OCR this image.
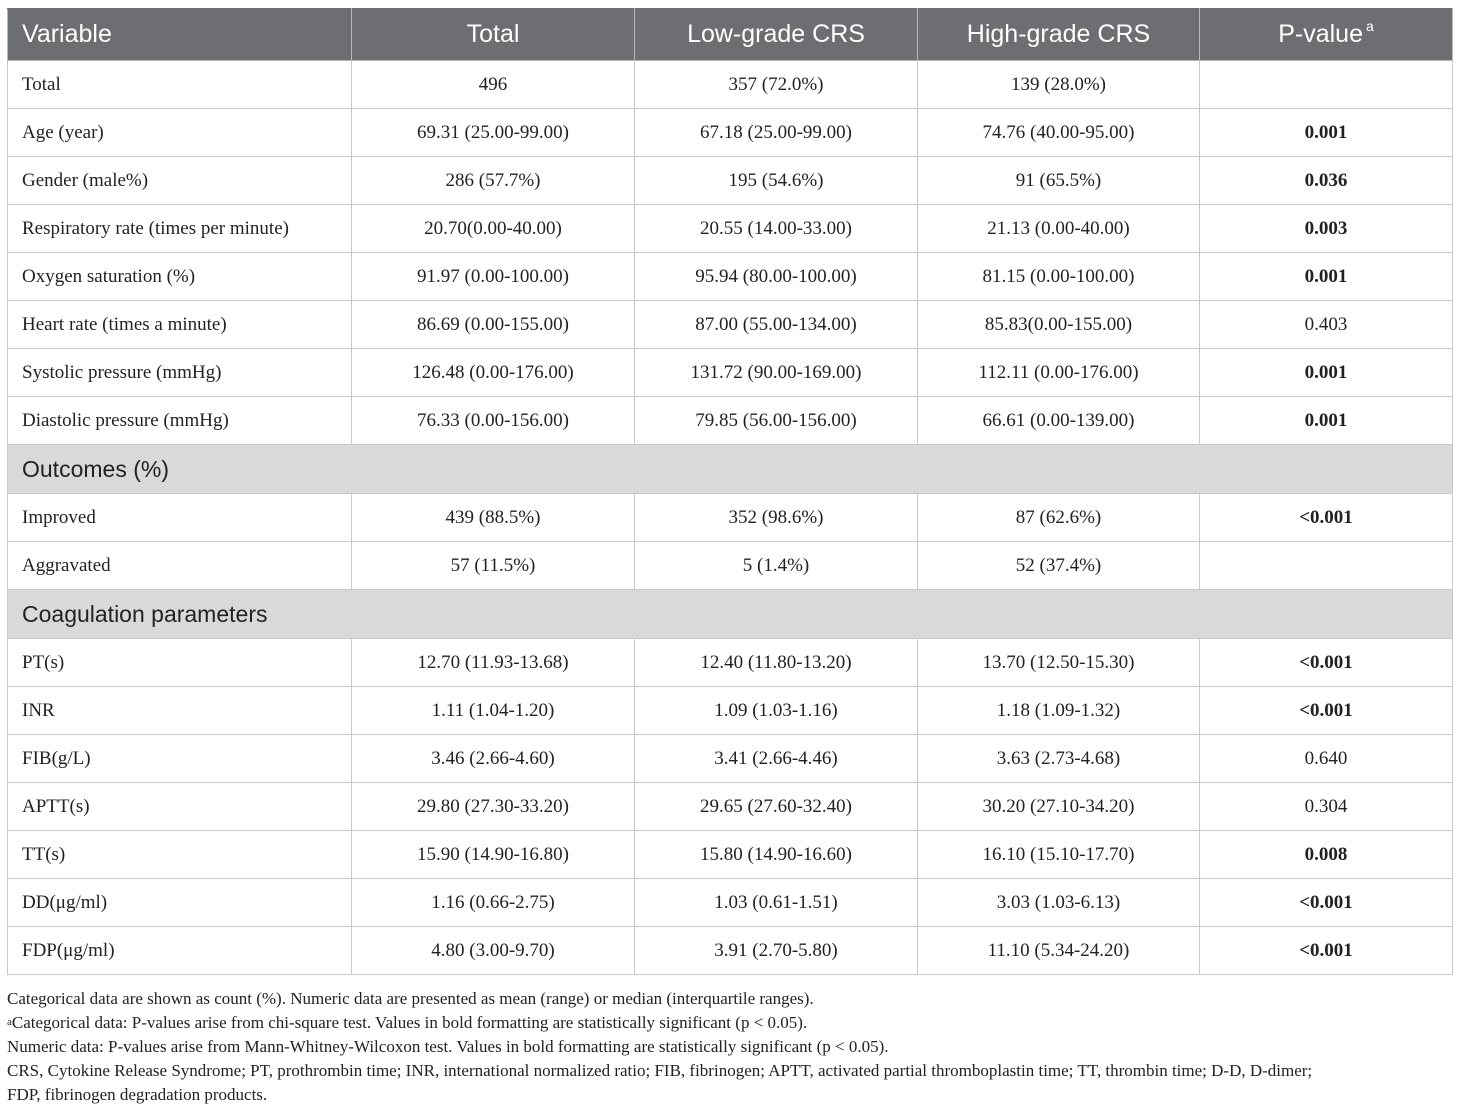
Variable	Total	Low-grade CRS	High-grade CRS	P-value $^a$
Total	496	357 (72.0%)	139 (28.0%)	
Age (year)	69.31 (25.00-99.00)	67.18 (25.00-99.00)	74.76 (40.00-95.00)	0.001
Gender (male%)	286 (57.7%)	195 (54.6%)	91 (65.5%)	0.036
Respiratory rate (times per minute)	20.70(0.00-40.00)	20.55 (14.00-33.00)	21.13 (0.00-40.00)	0.003
Oxygen saturation (%)	91.97 (0.00-100.00)	95.94 (80.00-100.00)	81.15 (0.00-100.00)	0.001
Heart rate (times a minute)	86.69 (0.00-155.00)	87.00 (55.00-134.00)	85.83(0.00-155.00)	0.403
Systolic pressure (mmHg)	126.48 (0.00-176.00)	131.72 (90.00-169.00)	112.11 (0.00-176.00)	0.001
Diastolic pressure (mmHg)	76.33 (0.00-156.00)	79.85 (56.00-156.00)	66.61 (0.00-139.00)	0.001
Outcomes (%)				
Improved	439 (88.5%)	352 (98.6%)	87 (62.6%)	<0.001
Aggravated	57 (11.5%)	5 (1.4%)	52 (37.4%)	
Coagulation parameters				
PT(s)	12.70 (11.93-13.68)	12.40 (11.80-13.20)	13.70 (12.50-15.30)	<0.001
INR	1.11 (1.04-1.20)	1.09 (1.03-1.16)	1.18 (1.09-1.32)	<0.001
FIB(g/L)	3.46 (2.66-4.60)	3.41 (2.66-4.46)	3.63 (2.73-4.68)	0.640
APTT(s)	29.80 (27.30-33.20)	29.65 (27.60-32.40)	30.20 (27.10-34.20)	0.304
TT(s)	15.90 (14.90-16.80)	15.80 (14.90-16.60)	16.10 (15.10-17.70)	0.008
DD(μg/ml)	1.16 (0.66-2.75)	1.03 (0.61-1.51)	3.03 (1.03-6.13)	<0.001
FDP(μg/ml)	4.80 (3.00-9.70)	3.91 (2.70-5.80)	11.10 (5.34-24.20)	<0.001

Categorical data are shown as count (%). Numeric data are presented as mean (range) or median (interquartile ranges).

$^a$Categorical data: P-values arise from chi-square test. Values in bold formatting are statistically significant (p < 0.05).

Numeric data: P-values arise from Mann-Whitney-Wilcoxon test. Values in bold formatting are statistically significant (p < 0.05).

CRS, Cytokine Release Syndrome; PT, prothrombin time; INR, international normalized ratio; FIB, fibrinogen; APTT, activated partial thromboplastin time; TT, thrombin time; D-D, D-dimer;

FDP, fibrinogen degradation products.
